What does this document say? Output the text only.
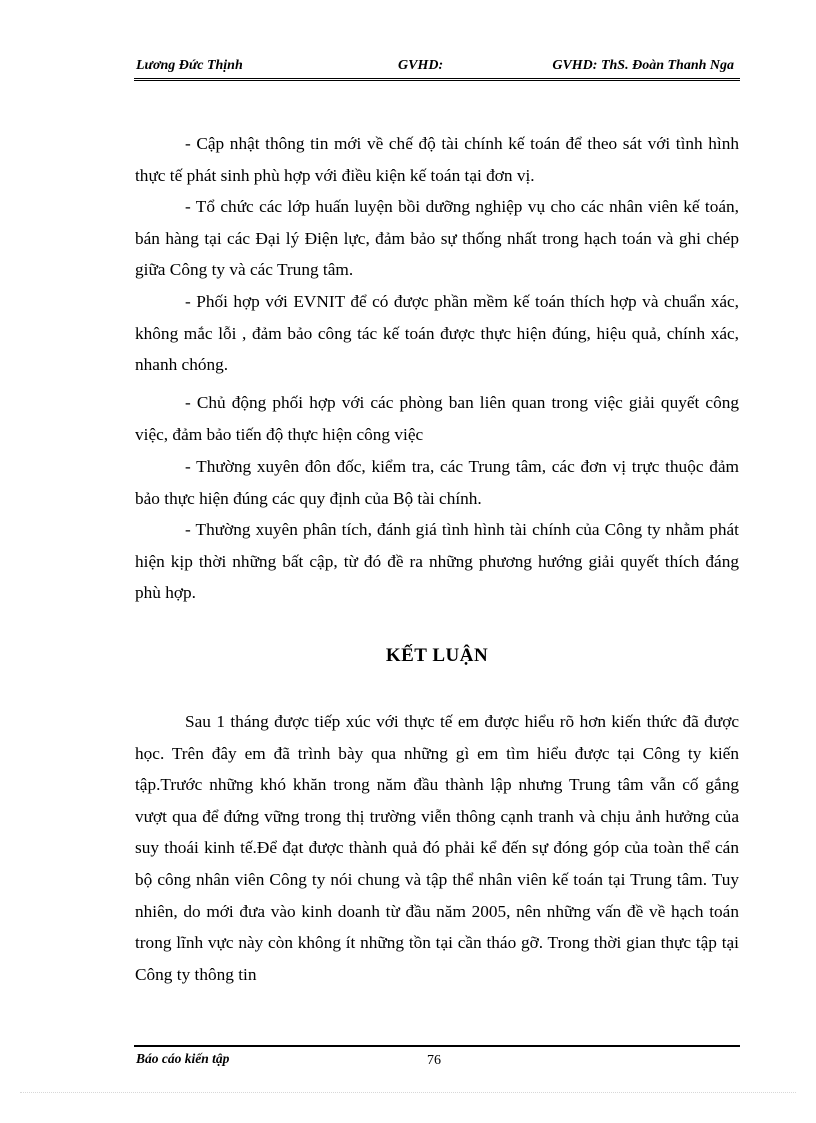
Lương Đức Thịnh	GVHD:	GVHD: ThS. Đoàn Thanh Nga

- Cập nhật thông tin mới về chế độ tài chính kế toán để theo sát với tình hình thực tế phát sinh phù hợp với điều kiện kế toán tại đơn vị.

- Tổ chức các lớp huấn luyện bồi dưỡng nghiệp vụ cho các nhân viên kế toán, bán hàng tại các Đại lý Điện lực, đảm bảo sự thống nhất trong hạch toán và ghi chép giữa Công ty và các Trung tâm.

- Phối hợp với EVNIT để có được phần mềm kế toán thích hợp và chuẩn xác, không mắc lỗi , đảm bảo công tác kế toán được thực hiện đúng, hiệu quả, chính xác, nhanh chóng.

- Chủ động phối hợp với các phòng ban liên quan trong việc giải quyết công việc, đảm bảo tiến độ thực hiện công việc

- Thường xuyên đôn đốc, kiểm tra, các Trung tâm, các đơn vị trực thuộc đảm bảo thực hiện đúng các quy định của Bộ tài chính.

- Thường xuyên phân tích, đánh giá tình hình tài chính của Công ty nhằm phát hiện kịp thời những bất cập, từ đó đề ra những phương hướng giải quyết thích đáng phù hợp.

KẾT LUẬN

Sau 1 tháng được tiếp xúc với thực tế em được hiểu rõ hơn kiến thức đã được học. Trên đây em đã trình bày qua những gì em tìm hiểu được tại Công ty kiến tập.Trước những khó khăn trong năm đầu thành lập nhưng Trung tâm vẫn cố gắng vượt qua để đứng vững trong thị trường viễn thông cạnh tranh và chịu ảnh hưởng của suy thoái kinh tế.Để đạt được thành quả đó phải kể đến sự đóng góp của toàn thể cán bộ công nhân viên Công ty nói chung và tập thể nhân viên kế toán tại Trung tâm. Tuy nhiên, do mới đưa vào kinh doanh từ đầu năm 2005, nên những vấn đề về hạch toán trong lĩnh vực này còn không ít những tồn tại cần tháo gỡ. Trong thời gian thực tập tại Công ty thông tin

Báo cáo kiến tập	76
